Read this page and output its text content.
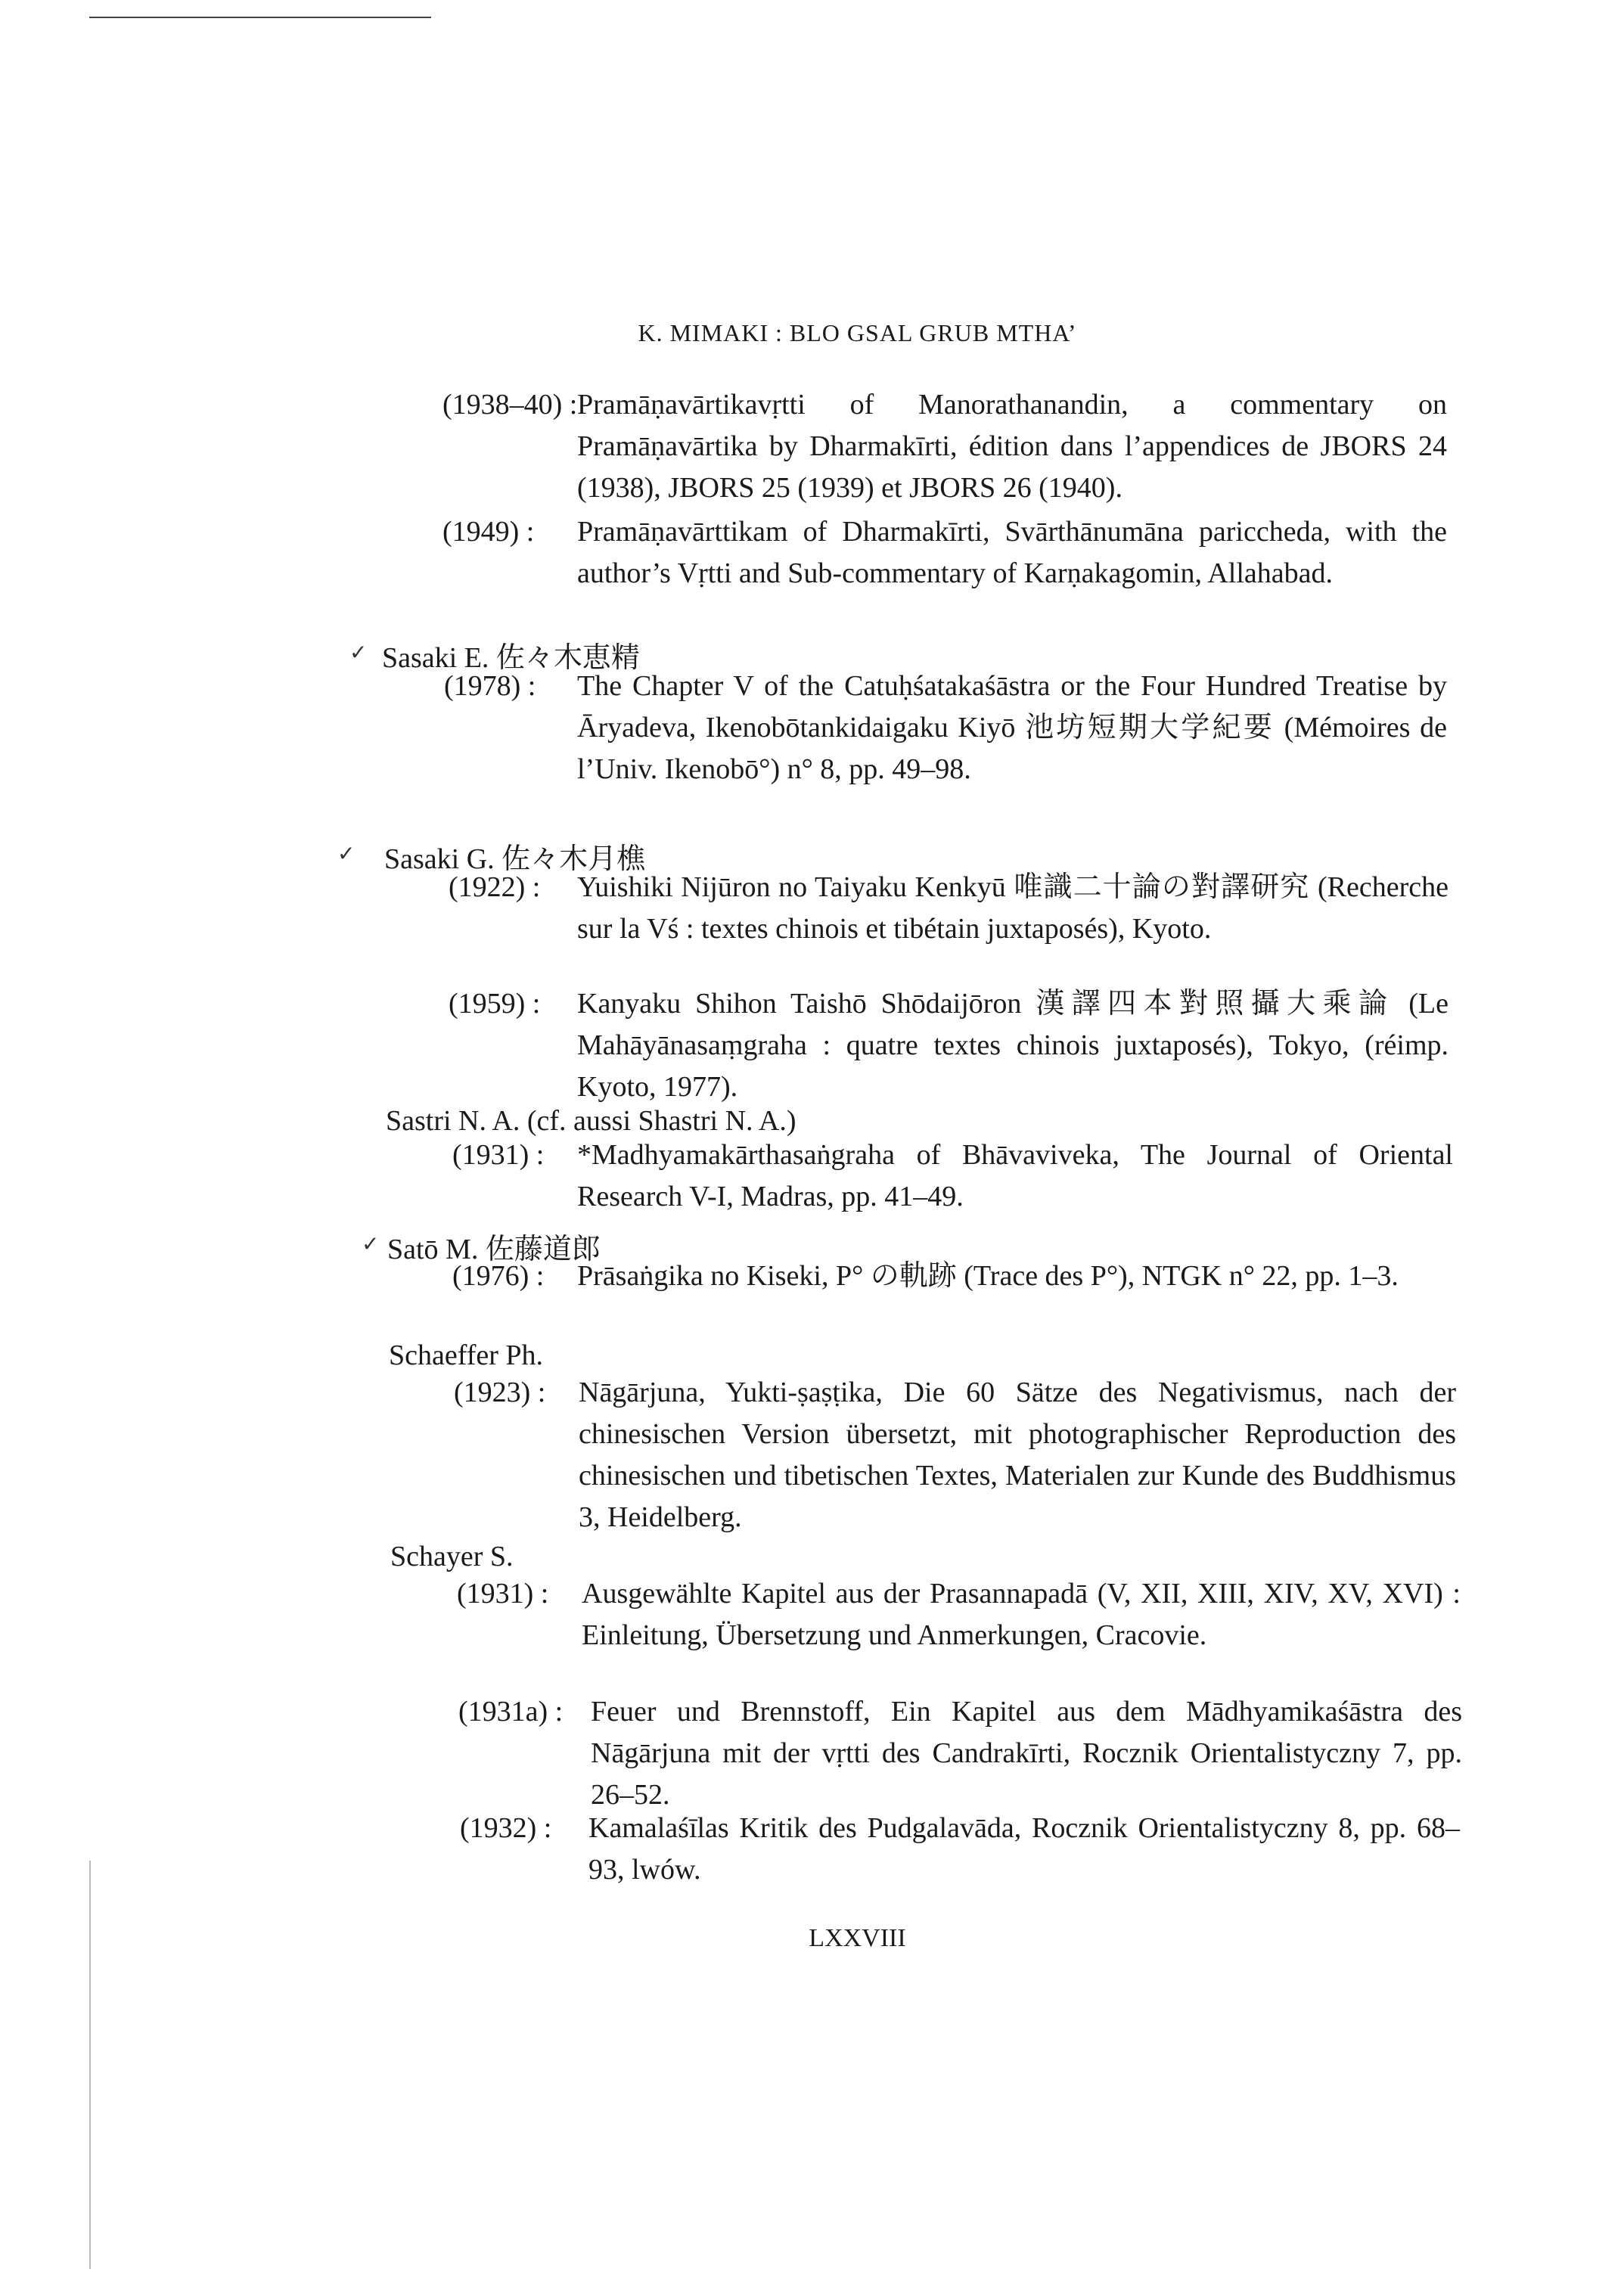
K. MIMAKI : BLO GSAL GRUB MTHA’
(1938–40) : Pramāṇavārtikavṛtti of Manorathanandin, a commentary on Pramāṇavārtika by Dharmakīrti, édition dans l’appendices de JBORS 24 (1938), JBORS 25 (1939) et JBORS 26 (1940).
(1949) : Pramāṇavārttikam of Dharmakīrti, Svārthānumāna pariccheda, with the author’s Vṛtti and Sub-commentary of Karṇakagomin, Allahabad.
✓ Sasaki E. 佐々木恵精
(1978) : The Chapter V of the Catuḥśatakaśāstra or the Four Hundred Treatise by Āryadeva, Ikenobōtankidaigaku Kiyō 池坊短期大学紀要 (Mémoires de l’Univ. Ikenobō°) n° 8, pp. 49–98.
✓ Sasaki G. 佐々木月樵
(1922) : Yuishiki Nijūron no Taiyaku Kenkyū 唯識二十論の對譯研究 (Recherche sur la Vś : textes chinois et tibétain juxtaposés), Kyoto.
(1959) : Kanyaku Shihon Taishō Shōdaijōron 漢譯四本對照攝大乘論 (Le Mahāyānasaṃgraha : quatre textes chinois juxtaposés), Tokyo, (réimp. Kyoto, 1977).
Sastri N. A. (cf. aussi Shastri N. A.)
(1931) : *Madhyamakārthasaṅgraha of Bhāvaviveka, The Journal of Oriental Research V-I, Madras, pp. 41–49.
✓ Satō M. 佐藤道郎
(1976) : Prāsaṅgika no Kiseki, P° の軌跡 (Trace des P°), NTGK n° 22, pp. 1–3.
Schaeffer Ph.
(1923) : Nāgārjuna, Yukti-ṣaṣṭika, Die 60 Sätze des Negativismus, nach der chinesischen Version übersetzt, mit photographischer Reproduction des chinesischen und tibetischen Textes, Materialen zur Kunde des Buddhismus 3, Heidelberg.
Schayer S.
(1931) : Ausgewählte Kapitel aus der Prasannapadā (V, XII, XIII, XIV, XV, XVI) : Einleitung, Übersetzung und Anmerkungen, Cracovie.
(1931a) : Feuer und Brennstoff, Ein Kapitel aus dem Mādhyamikaśāstra des Nāgārjuna mit der vṛtti des Candrakīrti, Rocznik Orientalistyczny 7, pp. 26–52.
(1932) : Kamalaśīlas Kritik des Pudgalavāda, Rocznik Orientalistyczny 8, pp. 68–93, lwów.
LXXVIII
